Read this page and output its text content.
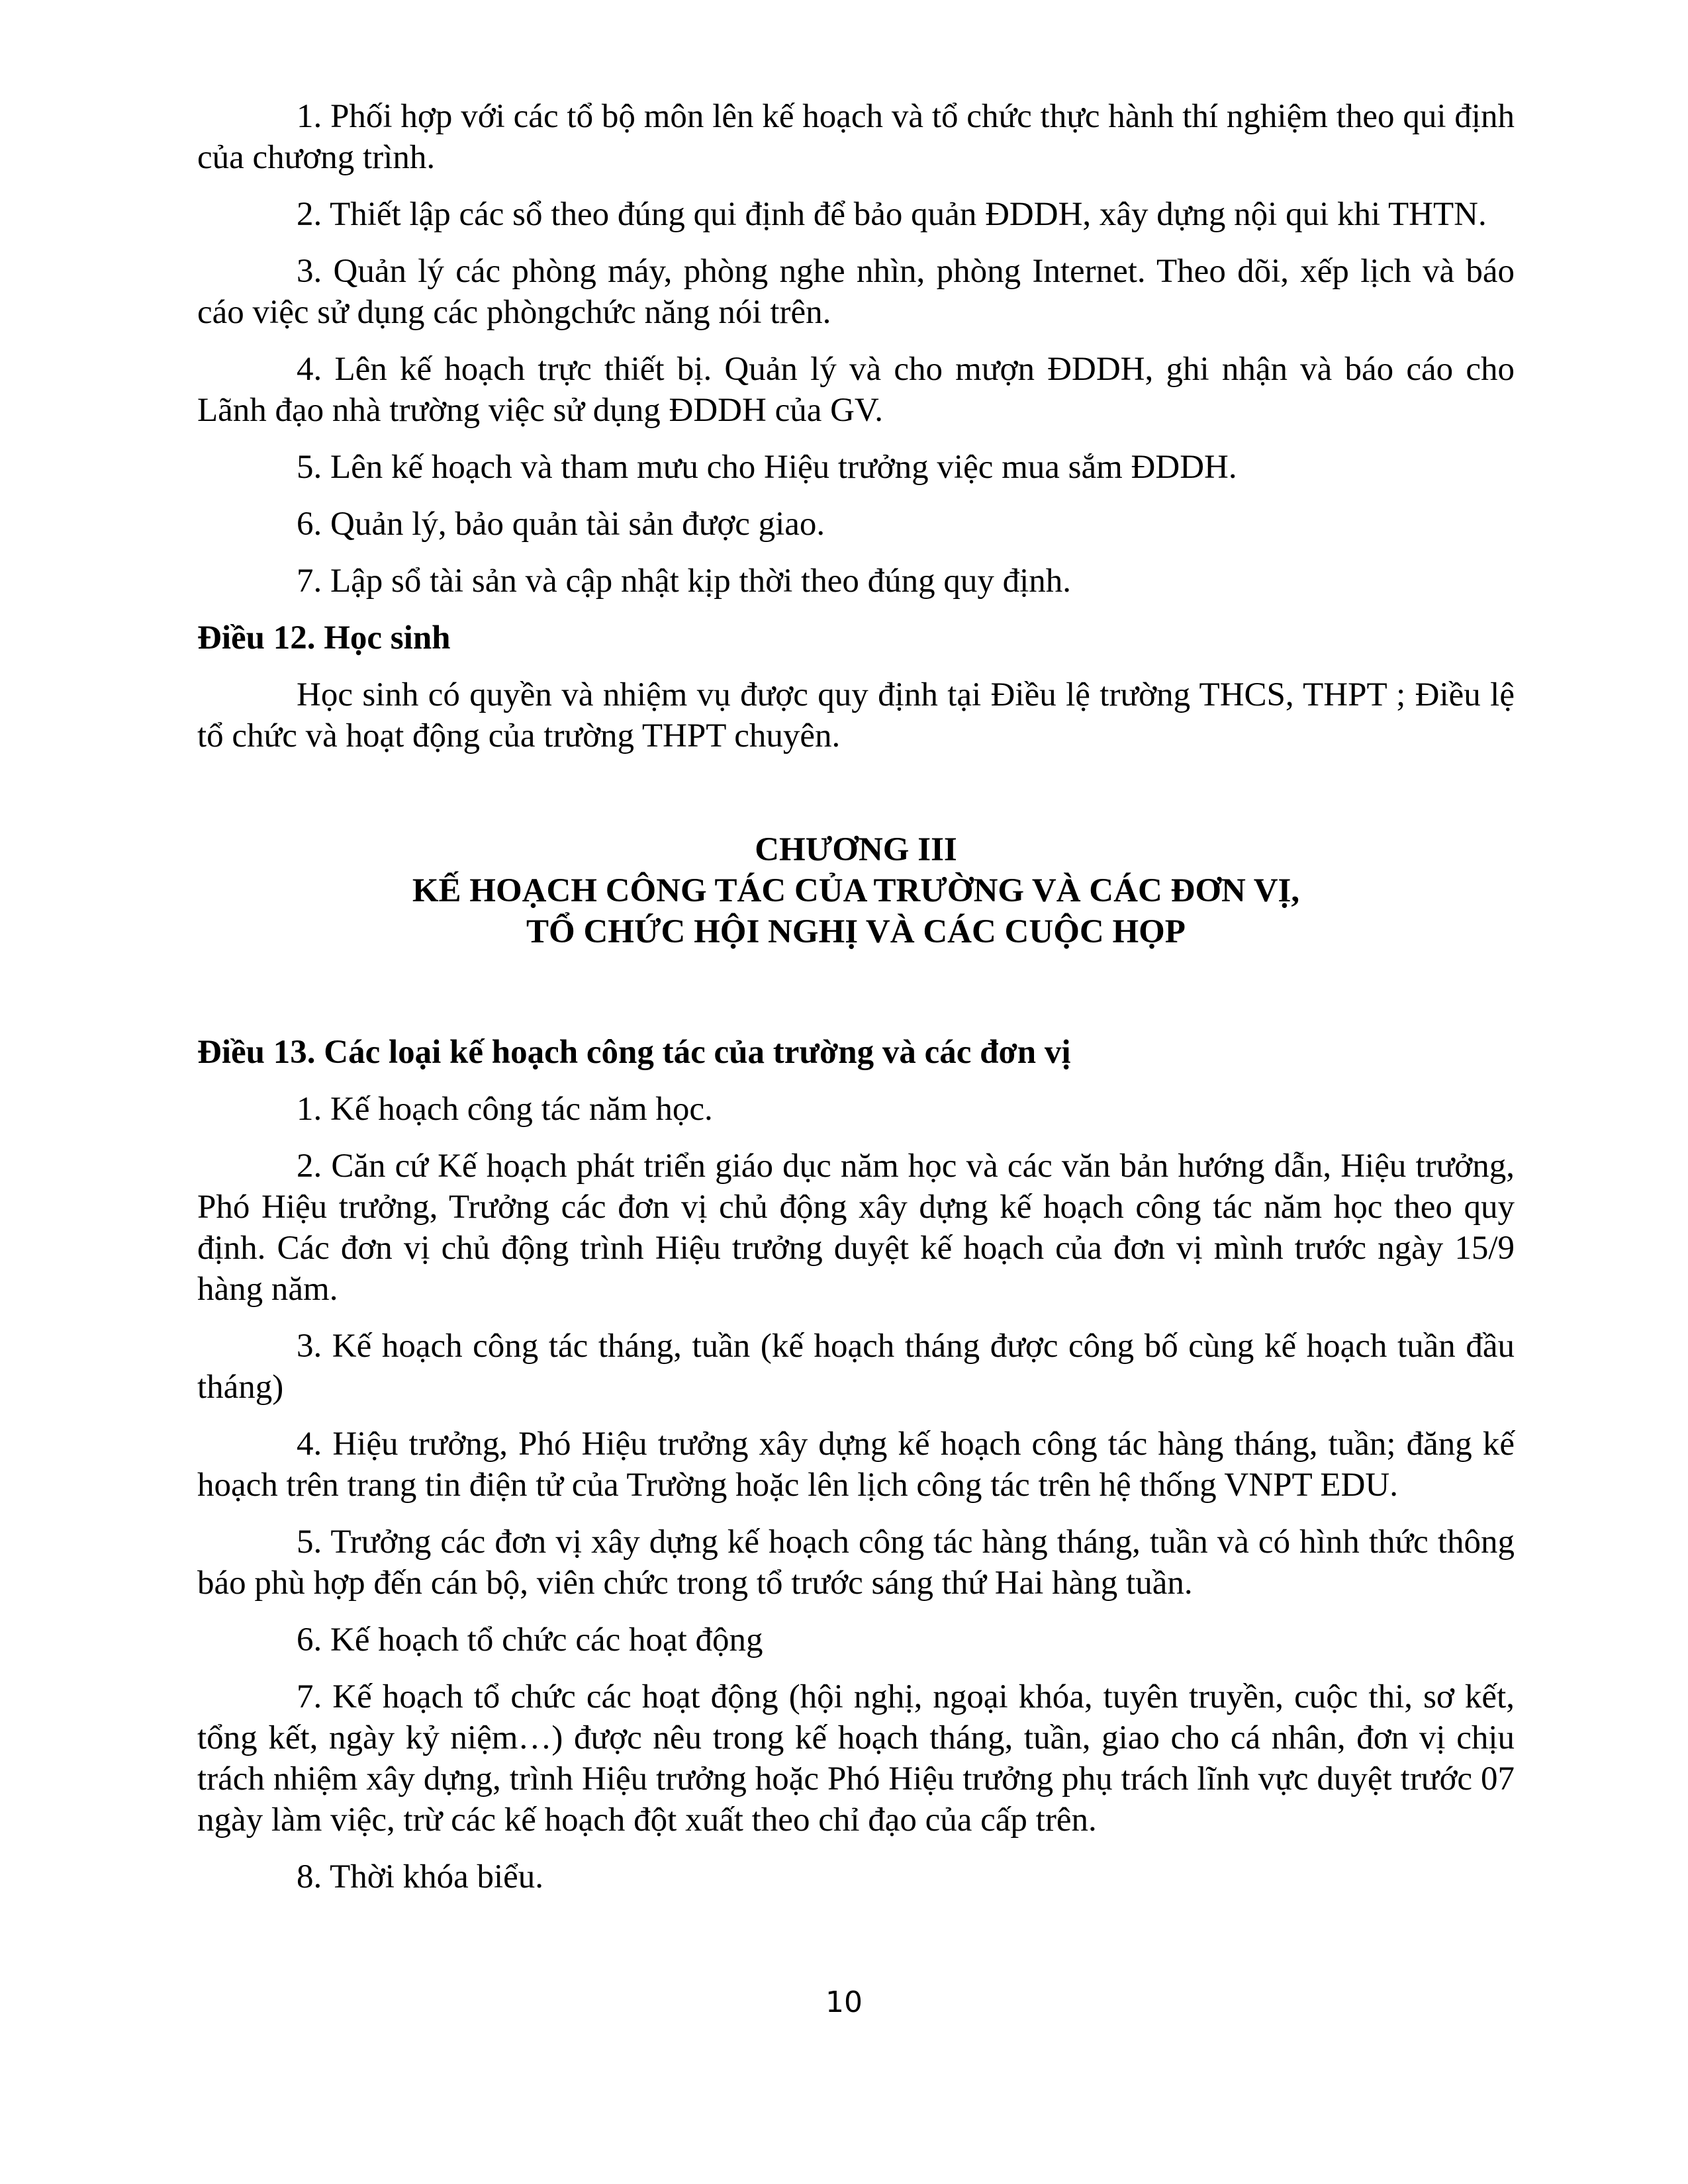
1. Phối hợp với các tổ bộ môn lên kế hoạch và tổ chức thực hành thí nghiệm theo qui định của chương trình.

2. Thiết lập các sổ theo đúng qui định để bảo quản ĐDDH, xây dựng nội qui khi THTN.

3. Quản lý các phòng máy, phòng nghe nhìn, phòng Internet. Theo dõi, xếp lịch và báo cáo việc sử dụng các phòngchức năng nói trên.

4. Lên kế hoạch trực thiết bị. Quản lý và cho mượn ĐDDH, ghi nhận và báo cáo cho Lãnh đạo nhà trường việc sử dụng ĐDDH của GV.

5. Lên kế hoạch và tham mưu cho Hiệu trưởng việc mua sắm ĐDDH.

6. Quản lý, bảo quản tài sản được giao.

7. Lập sổ tài sản và cập nhật kịp thời theo đúng quy định.

Điều 12. Học sinh

Học sinh có quyền và nhiệm vụ được quy định tại Điều lệ trường THCS, THPT ; Điều lệ tổ chức và hoạt động của trường THPT chuyên.

CHƯƠNG III
KẾ HOẠCH CÔNG TÁC CỦA TRƯỜNG VÀ CÁC ĐƠN VỊ,
TỔ CHỨC HỘI NGHỊ VÀ CÁC CUỘC HỌP

Điều 13. Các loại kế hoạch công tác của trường và các đơn vị

1. Kế hoạch công tác năm học.

2. Căn cứ Kế hoạch phát triển giáo dục năm học và các văn bản hướng dẫn, Hiệu trưởng, Phó Hiệu trưởng, Trưởng các đơn vị chủ động xây dựng kế hoạch công tác năm học theo quy định. Các đơn vị chủ động trình Hiệu trưởng duyệt kế hoạch của đơn vị mình trước ngày 15/9 hàng năm.

3. Kế hoạch công tác tháng, tuần (kế hoạch tháng được công bố cùng kế hoạch tuần đầu tháng)

4. Hiệu trưởng, Phó Hiệu trưởng xây dựng kế hoạch công tác hàng tháng, tuần; đăng kế hoạch trên trang tin điện tử của Trường hoặc lên lịch công tác trên hệ thống VNPT EDU.

5. Trưởng các đơn vị xây dựng kế hoạch công tác hàng tháng, tuần và có hình thức thông báo phù hợp đến cán bộ, viên chức trong tổ trước sáng thứ Hai hàng tuần.

6. Kế hoạch tổ chức các hoạt động

7. Kế hoạch tổ chức các hoạt động (hội nghị, ngoại khóa, tuyên truyền, cuộc thi, sơ kết, tổng kết, ngày kỷ niệm…) được nêu trong kế hoạch tháng, tuần, giao cho cá nhân, đơn vị chịu trách nhiệm xây dựng, trình Hiệu trưởng hoặc Phó Hiệu trưởng phụ trách lĩnh vực duyệt trước 07 ngày làm việc, trừ các kế hoạch đột xuất theo chỉ đạo của cấp trên.

8. Thời khóa biểu.

10
